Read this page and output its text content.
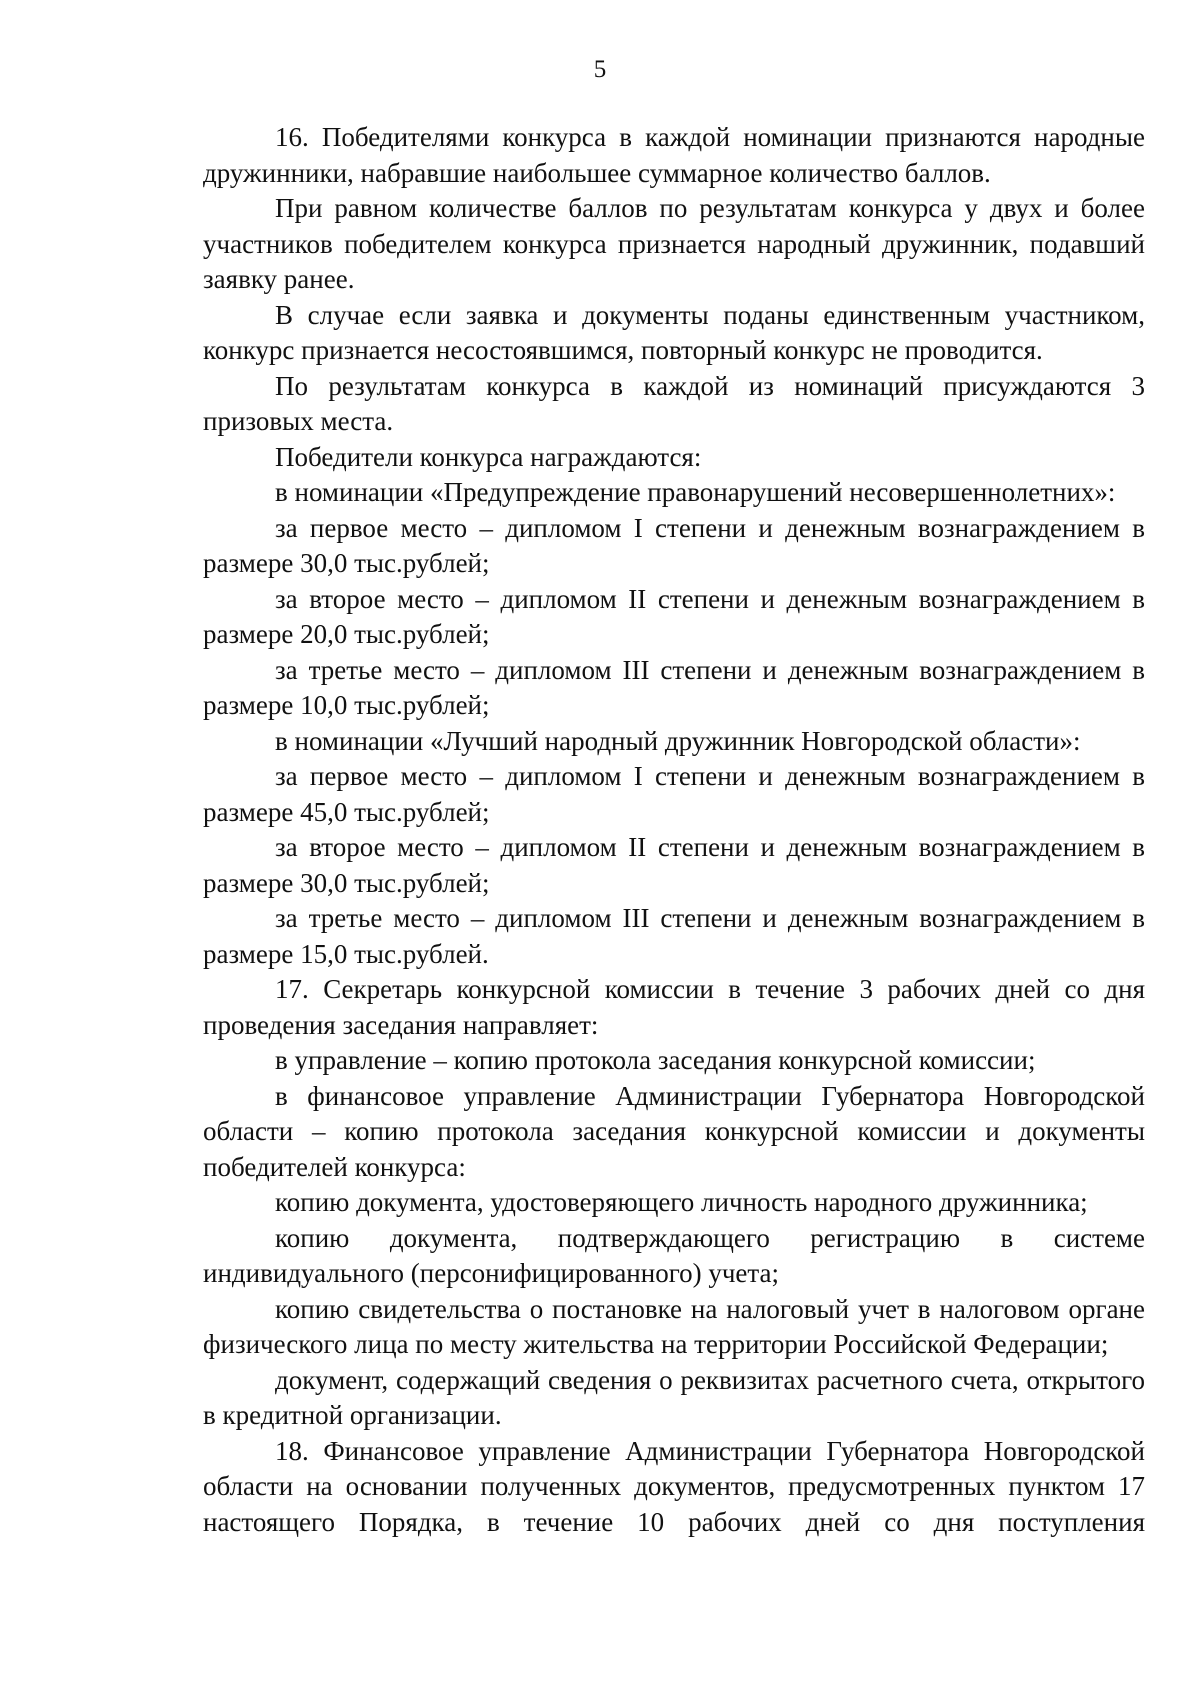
5

16. Победителями конкурса в каждой номинации признаются народные дружинники, набравшие наибольшее суммарное количество баллов.

При равном количестве баллов по результатам конкурса у двух и более участников победителем конкурса признается народный дружинник, подавший заявку ранее.

В случае если заявка и документы поданы единственным участником, конкурс признается несостоявшимся, повторный конкурс не проводится.

По результатам конкурса в каждой из номинаций присуждаются 3 призовых места.

Победители конкурса награждаются:

в номинации «Предупреждение правонарушений несовершеннолетних»:

за первое место – дипломом I степени и денежным вознаграждением в размере 30,0 тыс.рублей;

за второе место – дипломом II степени и денежным вознаграждением в размере 20,0 тыс.рублей;

за третье место – дипломом III степени и денежным вознаграждением в размере 10,0 тыс.рублей;

в номинации «Лучший народный дружинник Новгородской области»:

за первое место – дипломом I степени и денежным вознаграждением в размере 45,0 тыс.рублей;

за второе место – дипломом II степени и денежным вознаграждением в размере 30,0 тыс.рублей;

за третье место – дипломом III степени и денежным вознаграждением в размере 15,0 тыс.рублей.

17. Секретарь конкурсной комиссии в течение 3 рабочих дней со дня проведения заседания направляет:

в управление – копию протокола заседания конкурсной комиссии;

в финансовое управление Администрации Губернатора Новгородской области – копию протокола заседания конкурсной комиссии и документы победителей конкурса:

копию документа, удостоверяющего личность народного дружинника;

копию документа, подтверждающего регистрацию в системе индивидуального (персонифицированного) учета;

копию свидетельства о постановке на налоговый учет в налоговом органе физического лица по месту жительства на территории Российской Федерации;

документ, содержащий сведения о реквизитах расчетного счета, открытого в кредитной организации.

18. Финансовое управление Администрации Губернатора Новгородской области на основании полученных документов, предусмотренных пунктом 17 настоящего Порядка, в течение 10 рабочих дней со дня поступления
